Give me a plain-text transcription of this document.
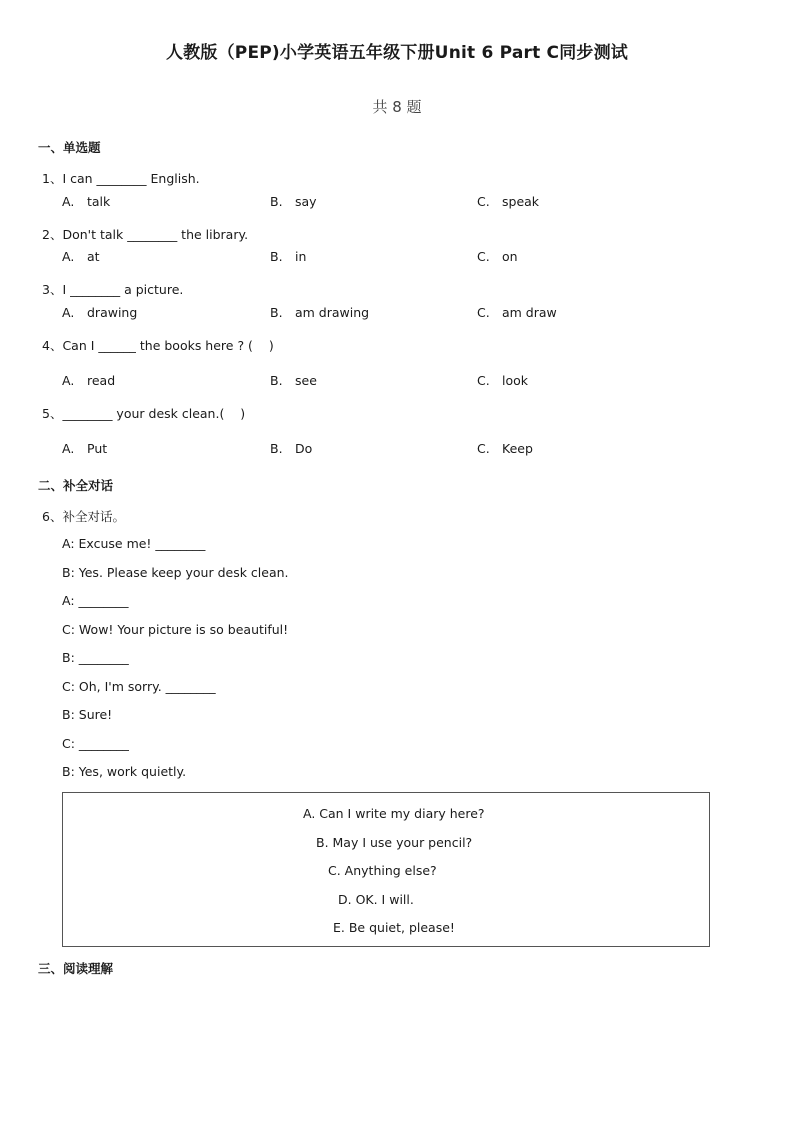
人教版（PEP)小学英语五年级下册Unit 6 Part C同步测试
共 8 题
一、单选题
1、I can ________ English.
A. talk	B. say	C. speak
2、Don't talk ________ the library.
A. at	B. in	C. on
3、I ________ a picture.
A. drawing	B. am drawing	C. am draw
4、Can I ______ the books here ? (    )
A. read	B. see	C. look
5、________ your desk clean.(    )
A. Put	B. Do	C. Keep
二、补全对话
6、补全对话。
A: Excuse me! ________
B: Yes. Please keep your desk clean.
A: ________
C: Wow! Your picture is so beautiful!
B: ________
C: Oh, I'm sorry. ________
B: Sure!
C: ________
B: Yes, work quietly.
A. Can I write my diary here?
B. May I use your pencil?
C. Anything else?
D. OK. I will.
E. Be quiet, please!
三、阅读理解
